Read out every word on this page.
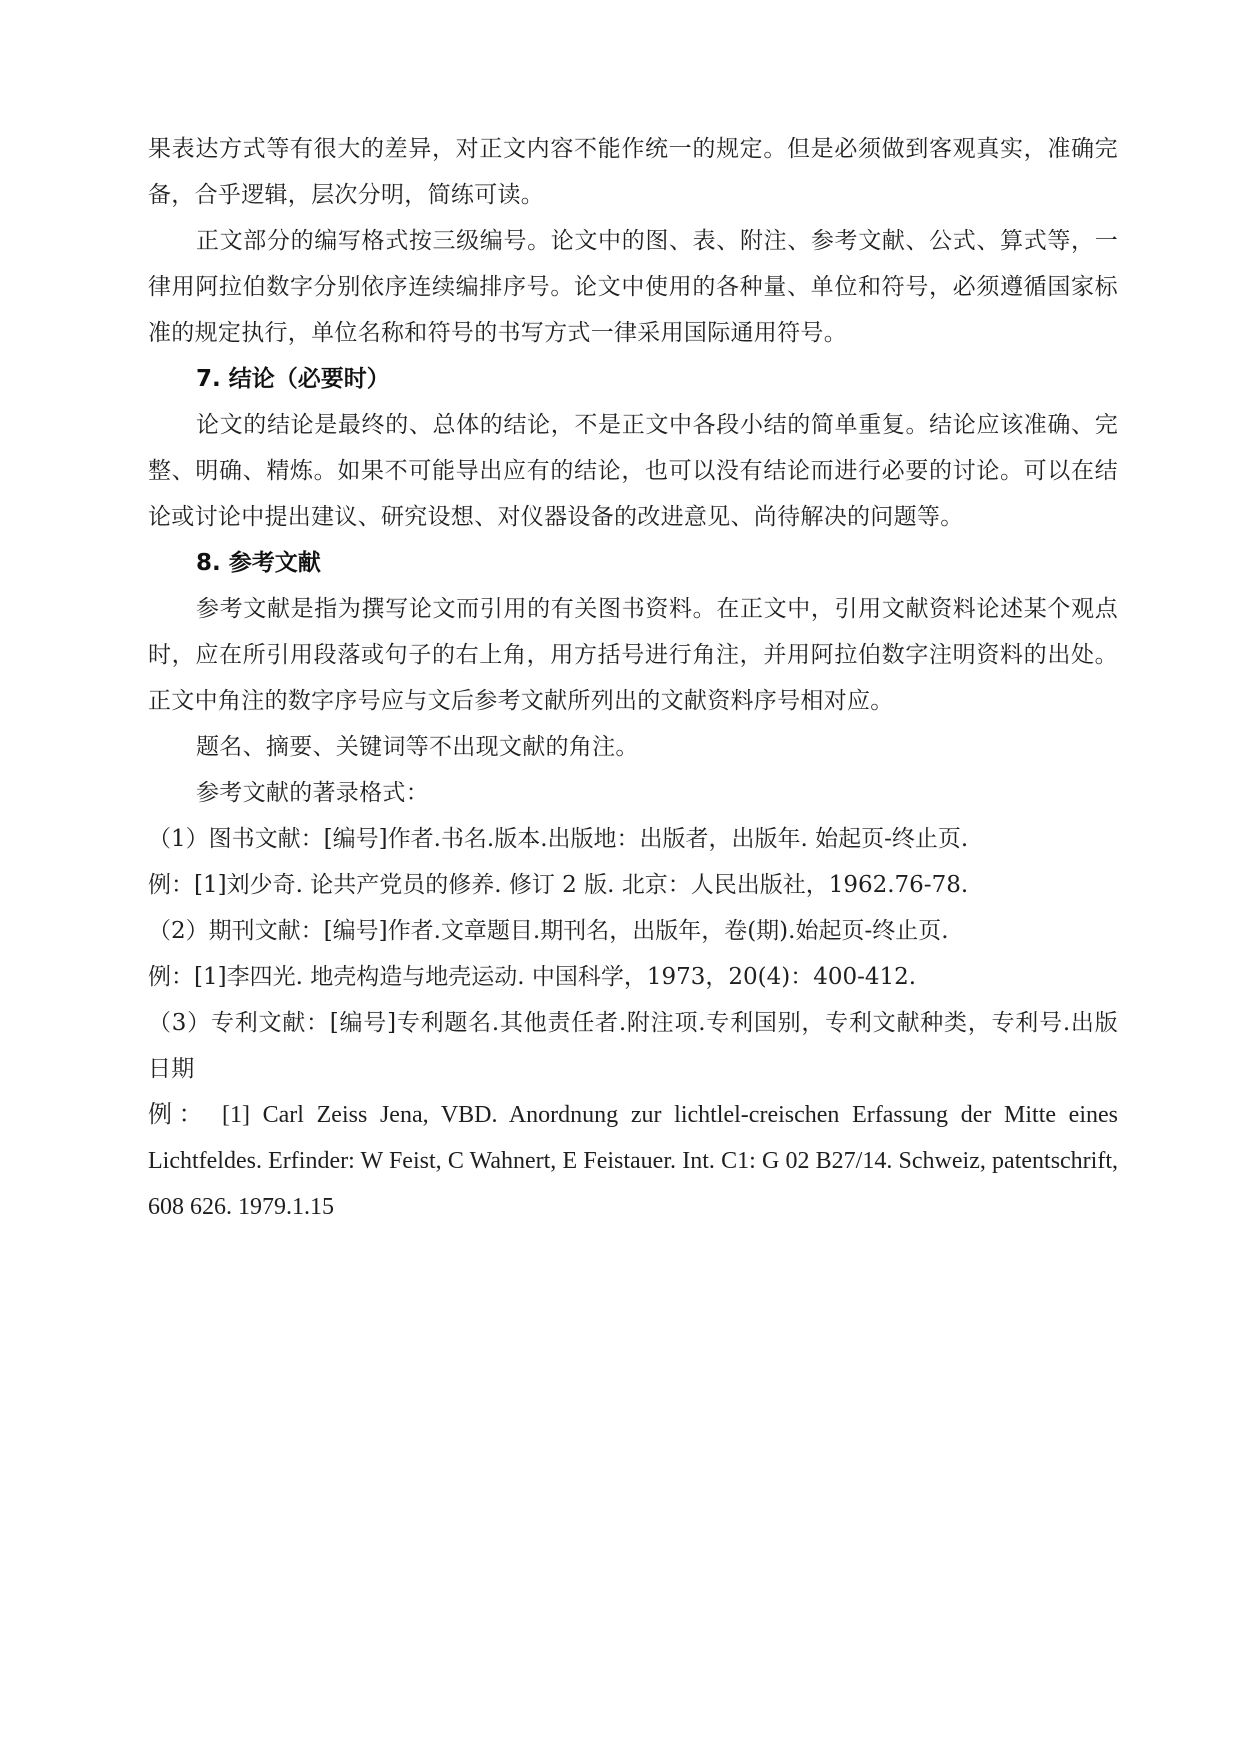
果表达方式等有很大的差异，对正文内容不能作统一的规定。但是必须做到客观真实，准确完备，合乎逻辑，层次分明，简练可读。

正文部分的编写格式按三级编号。论文中的图、表、附注、参考文献、公式、算式等，一律用阿拉伯数字分别依序连续编排序号。论文中使用的各种量、单位和符号，必须遵循国家标准的规定执行，单位名称和符号的书写方式一律采用国际通用符号。

7. 结论（必要时）

论文的结论是最终的、总体的结论，不是正文中各段小结的简单重复。结论应该准确、完整、明确、精炼。如果不可能导出应有的结论，也可以没有结论而进行必要的讨论。可以在结论或讨论中提出建议、研究设想、对仪器设备的改进意见、尚待解决的问题等。

8. 参考文献

参考文献是指为撰写论文而引用的有关图书资料。在正文中，引用文献资料论述某个观点时，应在所引用段落或句子的右上角，用方括号进行角注，并用阿拉伯数字注明资料的出处。正文中角注的数字序号应与文后参考文献所列出的文献资料序号相对应。

题名、摘要、关键词等不出现文献的角注。

参考文献的著录格式：

（1）图书文献：[编号]作者.书名.版本.出版地：出版者，出版年. 始起页-终止页.

例：[1]刘少奇. 论共产党员的修养. 修订 2 版. 北京：人民出版社，1962.76-78.

（2）期刊文献：[编号]作者.文章题目.期刊名，出版年，卷(期).始起页-终止页.

例：[1]李四光. 地壳构造与地壳运动. 中国科学，1973，20(4)：400-412.

（3）专利文献：[编号]专利题名.其他责任者.附注项.专利国别，专利文献种类，专利号.出版日期

例： [1] Carl Zeiss Jena, VBD. Anordnung zur lichtlel-creischen Erfassung der Mitte eines Lichtfeldes. Erfinder: W Feist, C Wahnert, E Feistauer. Int. C1: G 02 B27/14. Schweiz, patentschrift, 608 626. 1979.1.15
